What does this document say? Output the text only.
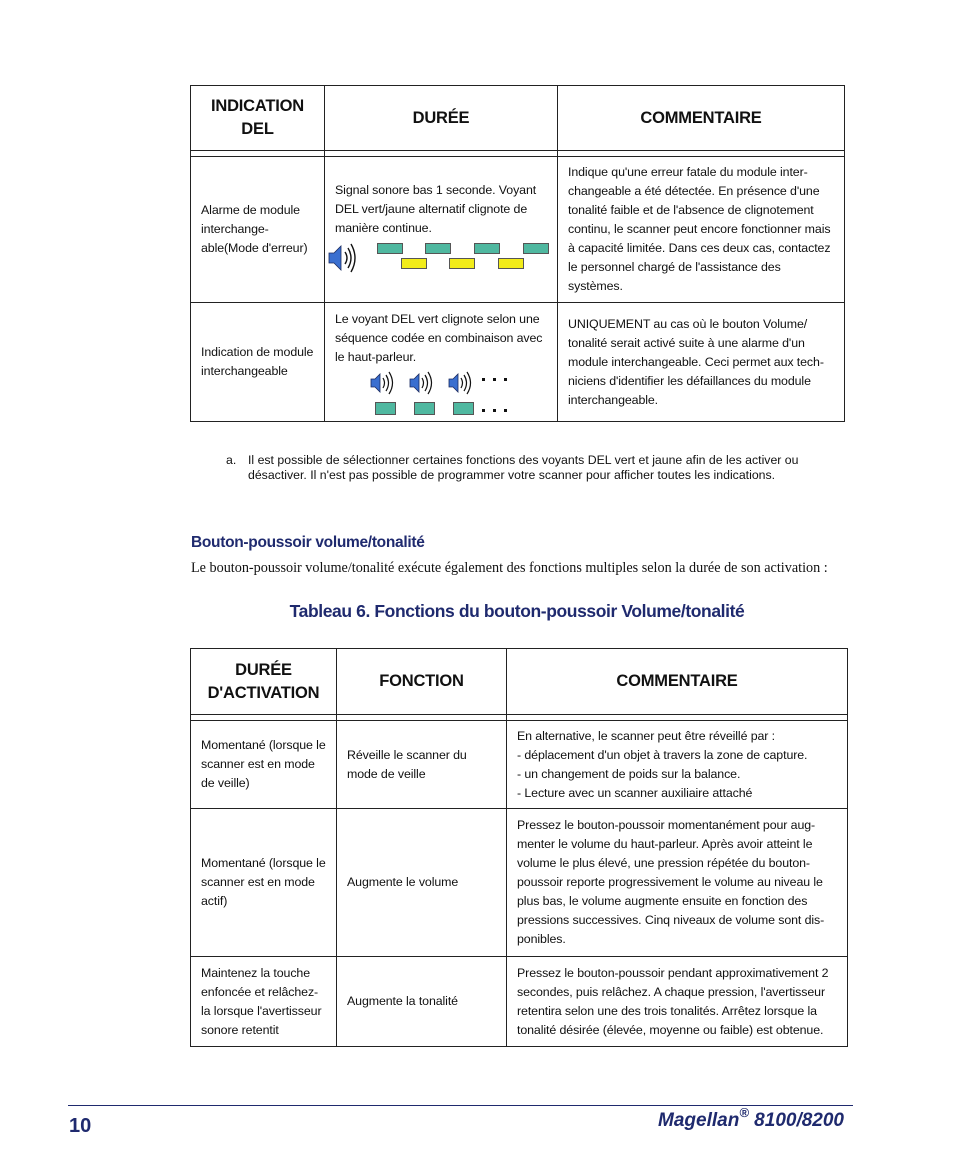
INDICATION DEL	DURÉE	COMMENTAIRE

Alarme de module interchange-able(Mode d'erreur)	Signal sonore bas 1 seconde. Voyant DEL vert/jaune alternatif clignote de manière continue.	Indique qu'une erreur fatale du module inter-changeable a été détectée. En présence d'une tonalité faible et de l'absence de clignotement continu, le scanner peut encore fonctionner mais à capacité limitée. Dans ces deux cas, contactez le personnel chargé de l'assistance des systèmes.
Indication de module interchangeable	Le voyant DEL vert clignote selon une séquence codée en combinaison avec le haut-parleur.	UNIQUEMENT au cas où le bouton Volume/ tonalité serait activé suite à une alarme d'un module interchangeable. Ceci permet aux tech-niciens d'identifier les défaillances du module interchangeable.
a. Il est possible de sélectionner certaines fonctions des voyants DEL vert et jaune afin de les activer ou désactiver. Il n'est pas possible de programmer votre scanner pour afficher toutes les indications.
Bouton-poussoir volume/tonalité
Le bouton-poussoir volume/tonalité exécute également des fonctions multiples selon la durée de son activation :
Tableau 6. Fonctions du bouton-poussoir Volume/tonalité
DURÉE D'ACTIVATION	FONCTION	COMMENTAIRE

Momentané (lorsque le scanner est en mode de veille)	Réveille le scanner du mode de veille	En alternative, le scanner peut être réveillé par :
- déplacement d'un objet à travers la zone de capture.
- un changement de poids sur la balance.
- Lecture avec un scanner auxiliaire attaché
Momentané (lorsque le scanner est en mode actif)	Augmente le volume	Pressez le bouton-poussoir momentanément pour aug-menter le volume du haut-parleur. Après avoir atteint le volume le plus élevé, une pression répétée du bouton-poussoir reporte progressivement le volume au niveau le plus bas, le volume augmente ensuite en fonction des pressions successives. Cinq niveaux de volume sont dis-ponibles.
Maintenez la touche enfoncée et relâchez-la lorsque l'avertisseur sonore retentit	Augmente la tonalité	Pressez le bouton-poussoir pendant approximativement 2 secondes, puis relâchez. A chaque pression, l'avertisseur retentira selon une des trois tonalités. Arrêtez lorsque la tonalité désirée (élevée, moyenne ou faible) est obtenue.
10	Magellan® 8100/8200
